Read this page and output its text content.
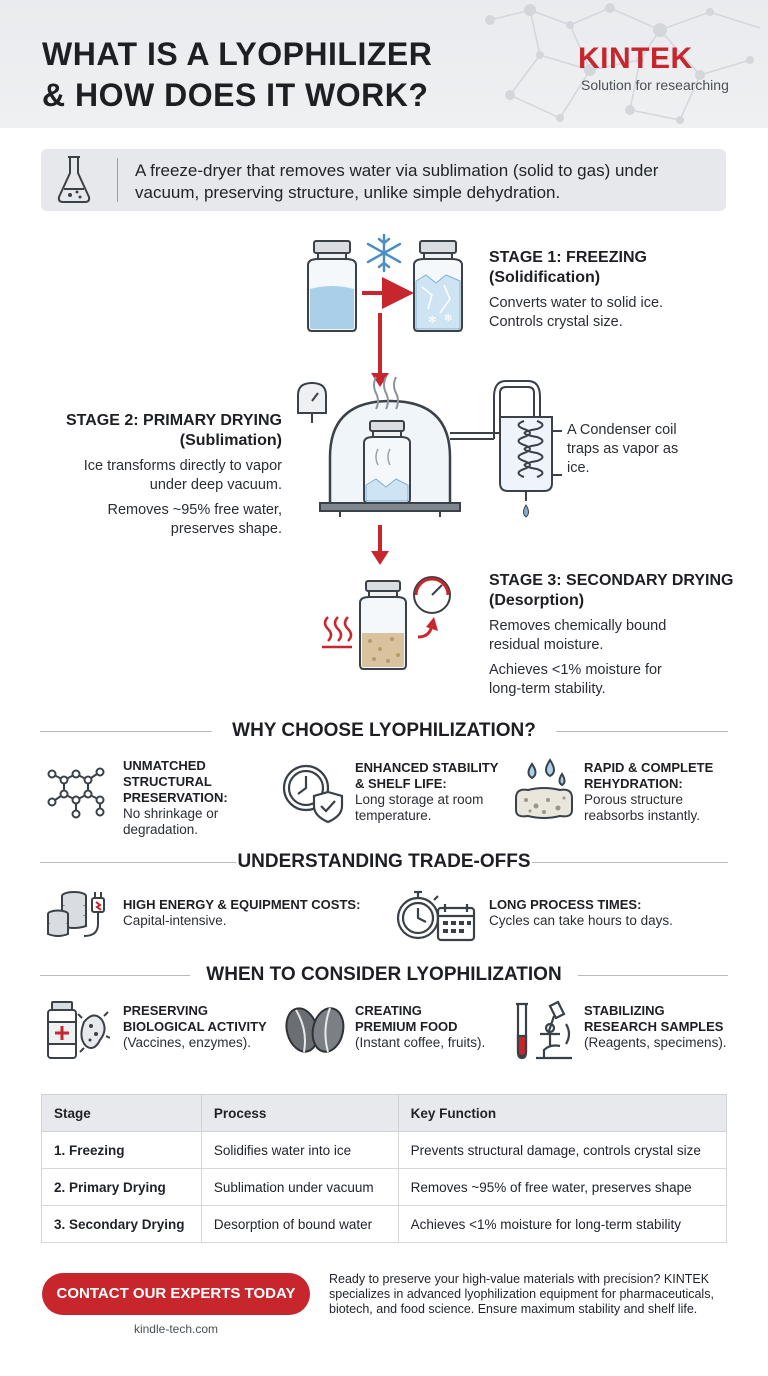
WHAT IS A LYOPHILIZER
& HOW DOES IT WORK?
KINTEK
Solution for researching
A freeze-dryer that removes water via sublimation (solid to gas) under vacuum, preserving structure, unlike simple dehydration.
✻ ✻
STAGE 1: FREEZING
(Solidification)
Converts water to solid ice.
Controls crystal size.
STAGE 2: PRIMARY DRYING
(Sublimation)
Ice transforms directly to vapor
under deep vacuum.
Removes ~95% free water,
preserves shape.
A Condenser coil
traps as vapor as
ice.
STAGE 3: SECONDARY DRYING
(Desorption)
Removes chemically bound
residual moisture.
Achieves <1% moisture for
long-term stability.
WHY CHOOSE LYOPHILIZATION?
UNMATCHED
STRUCTURAL
PRESERVATION:
No shrinkage or
degradation.
ENHANCED STABILITY
& SHELF LIFE:
Long storage at room
temperature.
RAPID & COMPLETE
REHYDRATION:
Porous structure
reabsorbs instantly.
UNDERSTANDING TRADE-OFFS
HIGH ENERGY & EQUIPMENT COSTS:
Capital-intensive.
LONG PROCESS TIMES:
Cycles can take hours to days.
WHEN TO CONSIDER LYOPHILIZATION
PRESERVING
BIOLOGICAL ACTIVITY
(Vaccines, enzymes).
CREATING
PREMIUM FOOD
(Instant coffee, fruits).
STABILIZING
RESEARCH SAMPLES
(Reagents, specimens).
Stage	Process	Key Function
1. Freezing	Solidifies water into ice	Prevents structural damage, controls crystal size
2. Primary Drying	Sublimation under vacuum	Removes ~95% of free water, preserves shape
3. Secondary Drying	Desorption of bound water	Achieves <1% moisture for long-term stability
CONTACT OUR EXPERTS TODAY
kindle-tech.com
Ready to preserve your high-value materials with precision? KINTEK specializes in advanced lyophilization equipment for pharmaceuticals, biotech, and food science. Ensure maximum stability and shelf life.
